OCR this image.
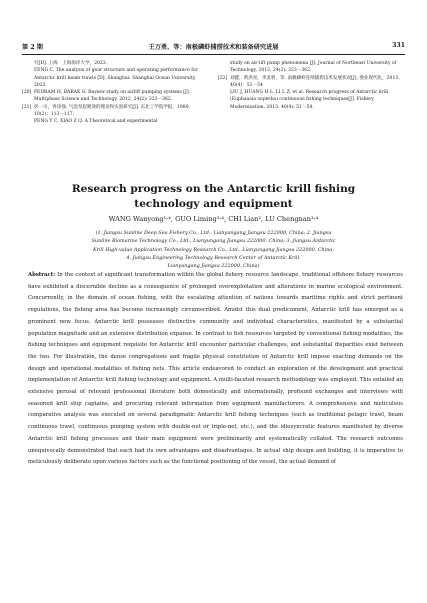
第 2 期	王万勇，等：南极磷虾捕捞技术和装备研究进展	331

究[D]. 上海：上海海洋大学，2023.

FENG C. The analysis of gear structure and operating performance for Antarctic krill beam trawls [D]. Shanghai: Shanghai Ocean University, 2023.

[20] PEDRAM H, BABAK G. Review study on airlift pumping systems [J]. Multiphase Science and Technology, 2012, 24(2): 323－362.

[21] 彭一川，冉泽强. 气泡泵起吸效的理论和实验研究[J]. 东北工学院学报，1989，10(2)：113－117.

PENG Y C, XIAO Z Q. A Theoretical and experimental

study on air-lift pump phenomena [J]. Journal of Northeast University of Technology, 2012, 24(2): 323－362.

[22] 刘健，黄洪亮，李灵智，等. 南极磷虾连续捕捞技术发展状况[J]. 渔业现代化，2013，40(4)：51－54

LIU J, HUANG H L, LI L Z, et al. Research progress of Antarctic krill (Euphausia superba) continuous fishing techniques[J]. Fishery Modernization, 2013, 40(4): 51－54.

Research progress on the Antarctic krill fishing
technology and equipment
WANG Wanyong¹˒⁴, GUO Liming²˒⁴, CHI Lian², LU Chengnan³˒⁴
(1. Jiangsu Sunline Deep Sea Fishery Co., Ltd., Lianyungang Jiangsu 222000, China; 2. Jiangsu
Sunline Biomarine Technology Co., Ltd., Lianyungang Jiangsu 222000, China; 3. Jiangsu Antarctic
Krill High-value Application Technology Research Co., Ltd., Lianyungang Jiangsu 222000, China;
4. Jiangsu Engineering Technology Research Center of Antarctic Krill,
Lianyungang Jiangsu 222000, China)
Abstract: In the context of significant transformation within the global fishery resource landscape, traditional offshore fishery resources have exhibited a discernible decline as a consequence of prolonged overexploitation and alterations in marine ecological environment. Concurrently, in the domain of ocean fishing, with the escalating attention of nations towards maritime rights and strict pertinent regulations, the fishing area has become increasingly circumscribed. Amidst this dual predicament, Antarctic krill has emerged as a prominent new focus. Antarctic krill possesses distinctive community and individual characteristics, manifested by a substantial population magnitude and an extensive distribution expanse. In contrast to fish resources targeted by conventional fishing modalities, the fishing techniques and equipment requisite for Antarctic krill encounter particular challenges, and substantial disparities exist between the two. For illustration, the dense congregations and fragile physical constitution of Antarctic krill impose exacting demands on the design and operational modalities of fishing nets. This article endeavored to conduct an exploration of the development and practical implementation of Antarctic krill fishing technology and equipment. A multi-faceted research methodology was employed. This entailed an extensive perusal of relevant professional literature both domestically and internationally, profound exchanges and interviews with seasoned krill ship captains, and procuring relevant information from equipment manufacturers. A comprehensive and meticulous comparative analysis was executed on several paradigmatic Antarctic krill fishing techniques (such as traditional pelagic trawl, beam continuous trawl, continuous pumping system with double-net or triple-net, etc.), and the idiosyncratic features manifested by diverse Antarctic krill fishing processes and their main equipment were preliminarily and systematically collated. The research outcomes unequivocally demonstrated that each had its own advantages and disadvantages. In actual ship design and building, it is imperative to meticulously deliberate upon various factors such as the functional positioning of the vessel, the actual demand of
